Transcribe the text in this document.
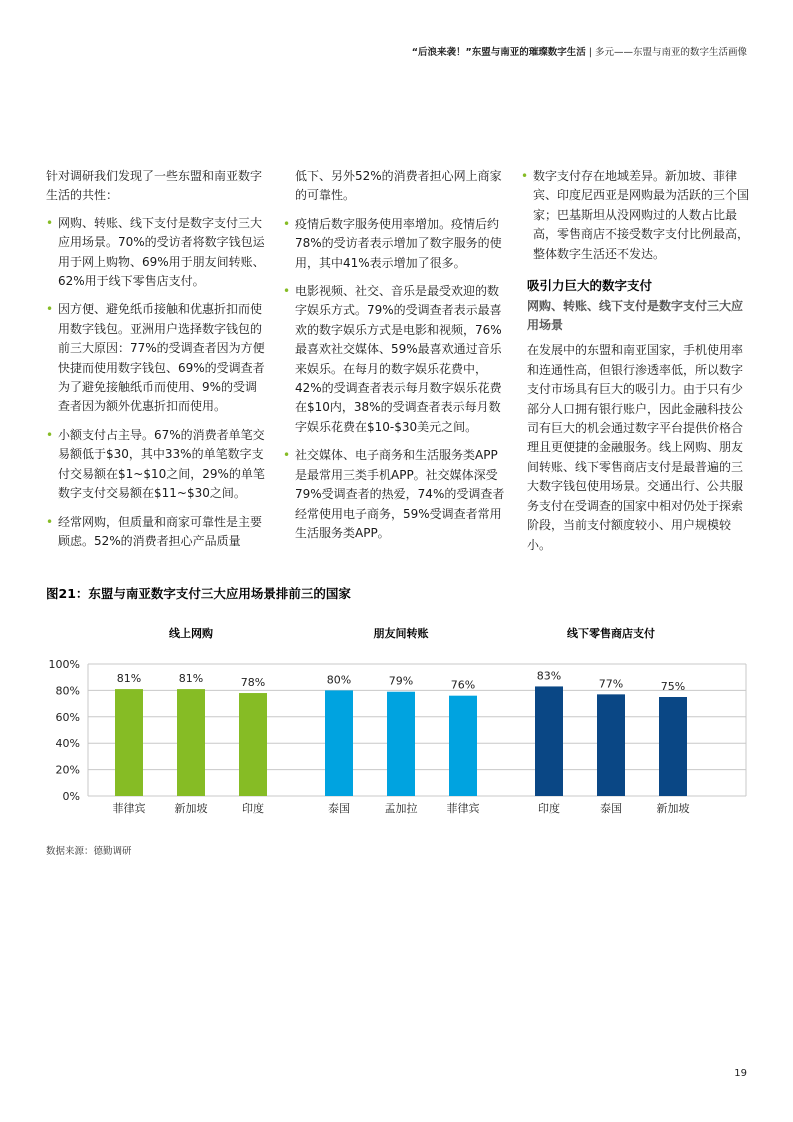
“后浪来袭！”东盟与南亚的璀璨数字生活 | 多元——东盟与南亚的数字生活画像

针对调研我们发现了一些东盟和南亚数字生活的共性：

• 网购、转账、线下支付是数字支付三大应用场景。70%的受访者将数字钱包运用于网上购物、69%用于朋友间转账、62%用于线下零售店支付。
• 因方便、避免纸币接触和优惠折扣而使用数字钱包。亚洲用户选择数字钱包的前三大原因：77%的受调查者因为方便快捷而使用数字钱包、69%的受调查者为了避免接触纸币而使用、9%的受调查者因为额外优惠折扣而使用。
• 小额支付占主导。67%的消费者单笔交易额低于$30，其中33%的单笔数字支付交易额在$1~$10之间，29%的单笔数字支付交易额在$11~$30之间。
• 经常网购，但质量和商家可靠性是主要顾虑。52%的消费者担心产品质量
低下、另外52%的消费者担心网上商家的可靠性。
• 疫情后数字服务使用率增加。疫情后约78%的受访者表示增加了数字服务的使用，其中41%表示增加了很多。
• 电影视频、社交、音乐是最受欢迎的数字娱乐方式。79%的受调查者表示最喜欢的数字娱乐方式是电影和视频，76%最喜欢社交媒体、59%最喜欢通过音乐来娱乐。在每月的数字娱乐花费中，42%的受调查者表示每月数字娱乐花费在$10内，38%的受调查者表示每月数字娱乐花费在$10-$30美元之间。
• 社交媒体、电子商务和生活服务类APP是最常用三类手机APP。社交媒体深受79%受调查者的热爱，74%的受调查者经常使用电子商务，59%受调查者常用生活服务类APP。
• 数字支付存在地域差异。新加坡、菲律宾、印度尼西亚是网购最为活跃的三个国家；巴基斯坦从没网购过的人数占比最高，零售商店不接受数字支付比例最高，整体数字生活还不发达。
吸引力巨大的数字支付
网购、转账、线下支付是数字支付三大应用场景
在发展中的东盟和南亚国家，手机使用率和连通性高，但银行渗透率低，所以数字支付市场具有巨大的吸引力。由于只有少部分人口拥有银行账户，因此金融科技公司有巨大的机会通过数字平台提供价格合理且更便捷的金融服务。线上网购、朋友间转账、线下零售商店支付是最普遍的三大数字钱包使用场景。交通出行、公共服务支付在受调查的国家中相对仍处于探索阶段，当前支付额度较小、用户规模较小。
图21：东盟与南亚数字支付三大应用场景排前三的国家
0%
20%
40%
60%
80%
100%
线上网购
81%
菲律宾
81%
新加坡
78%
印度
朋友间转账
80%
泰国
79%
孟加拉
76%
菲律宾
线下零售商店支付
83%
印度
77%
泰国
75%
新加坡
数据来源：德勤调研
19
